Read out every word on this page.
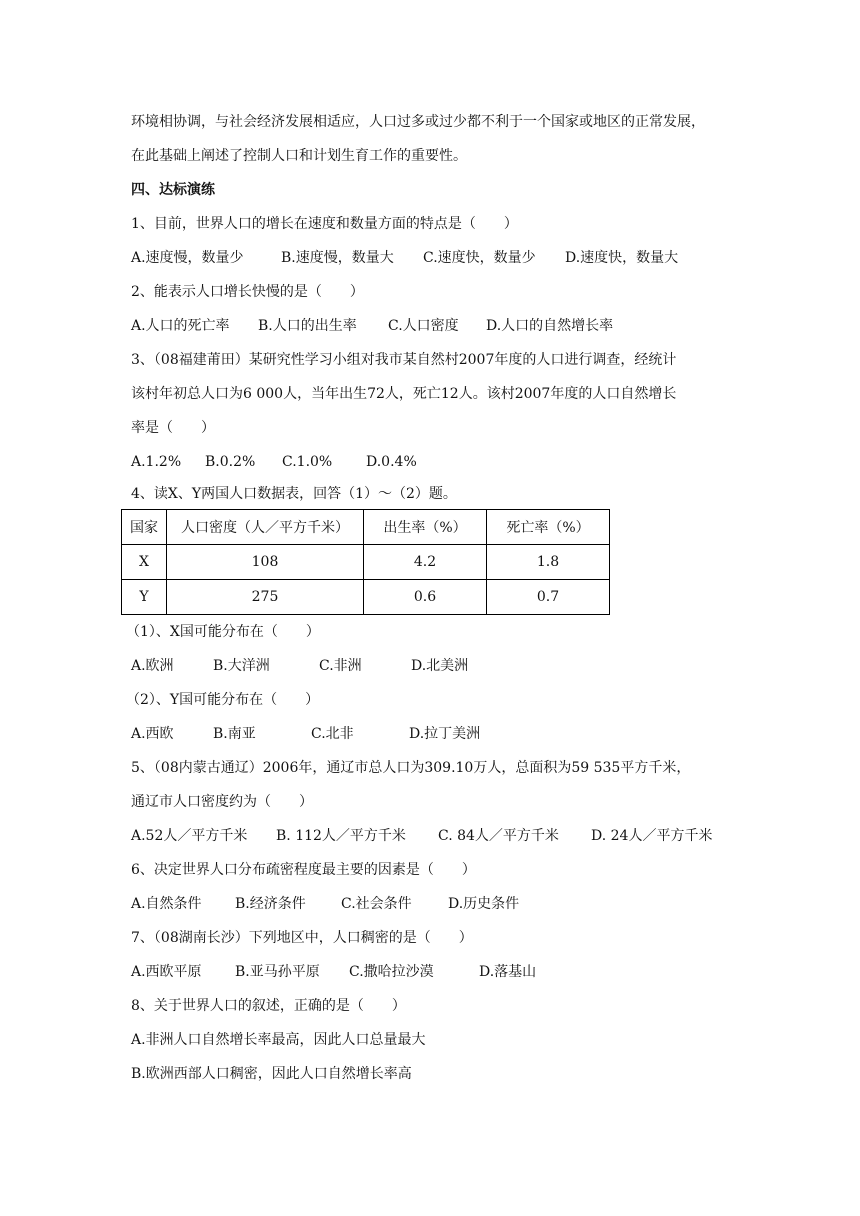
环境相协调，与社会经济发展相适应，人口过多或过少都不利于一个国家或地区的正常发展，

在此基础上阐述了控制人口和计划生育工作的重要性。

四、达标演练

1、目前，世界人口的增长在速度和数量方面的特点是（　　）

A.速度慢，数量少	B.速度慢，数量大 C.速度快，数量少 D.速度快，数量大

2、能表示人口增长快慢的是（　　）

A.人口的死亡率 B.人口的出生率 C.人口密度 D.人口的自然增长率

3、（08福建莆田）某研究性学习小组对我市某自然村2007年度的人口进行调查，经统计

该村年初总人口为6 000人，当年出生72人，死亡12人。该村2007年度的人口自然增长

率是（　　）

A.1.2% B.0.2% C.1.0% D.0.4%

4、读X、Y两国人口数据表，回答（1）～（2）题。

国家	人口密度（人／平方千米）	出生率（%）	死亡率（%）
X	108	4.2	1.8
Y	275	0.6	0.7

（1）、X国可能分布在（　　）

A.欧洲	B.大洋洲	C.非洲	D.北美洲

（2）、Y国可能分布在（　　）

A.西欧	B.南亚	C.北非	D.拉丁美洲

5、（08内蒙古通辽）2006年，通辽市总人口为309.10万人，总面积为59 535平方千米，

通辽市人口密度约为（　　）

A.52人／平方千米 B. 112人／平方千米 C. 84人／平方千米 D. 24人／平方千米

6、决定世界人口分布疏密程度最主要的因素是（　　）

A.自然条件 B.经济条件	C.社会条件	D.历史条件

7、（08湖南长沙）下列地区中，人口稠密的是（　　）

A.西欧平原 B.亚马孙平原 C.撒哈拉沙漠	D.落基山

8、关于世界人口的叙述，正确的是（　　）

A.非洲人口自然增长率最高，因此人口总量最大

B.欧洲西部人口稠密，因此人口自然增长率高
